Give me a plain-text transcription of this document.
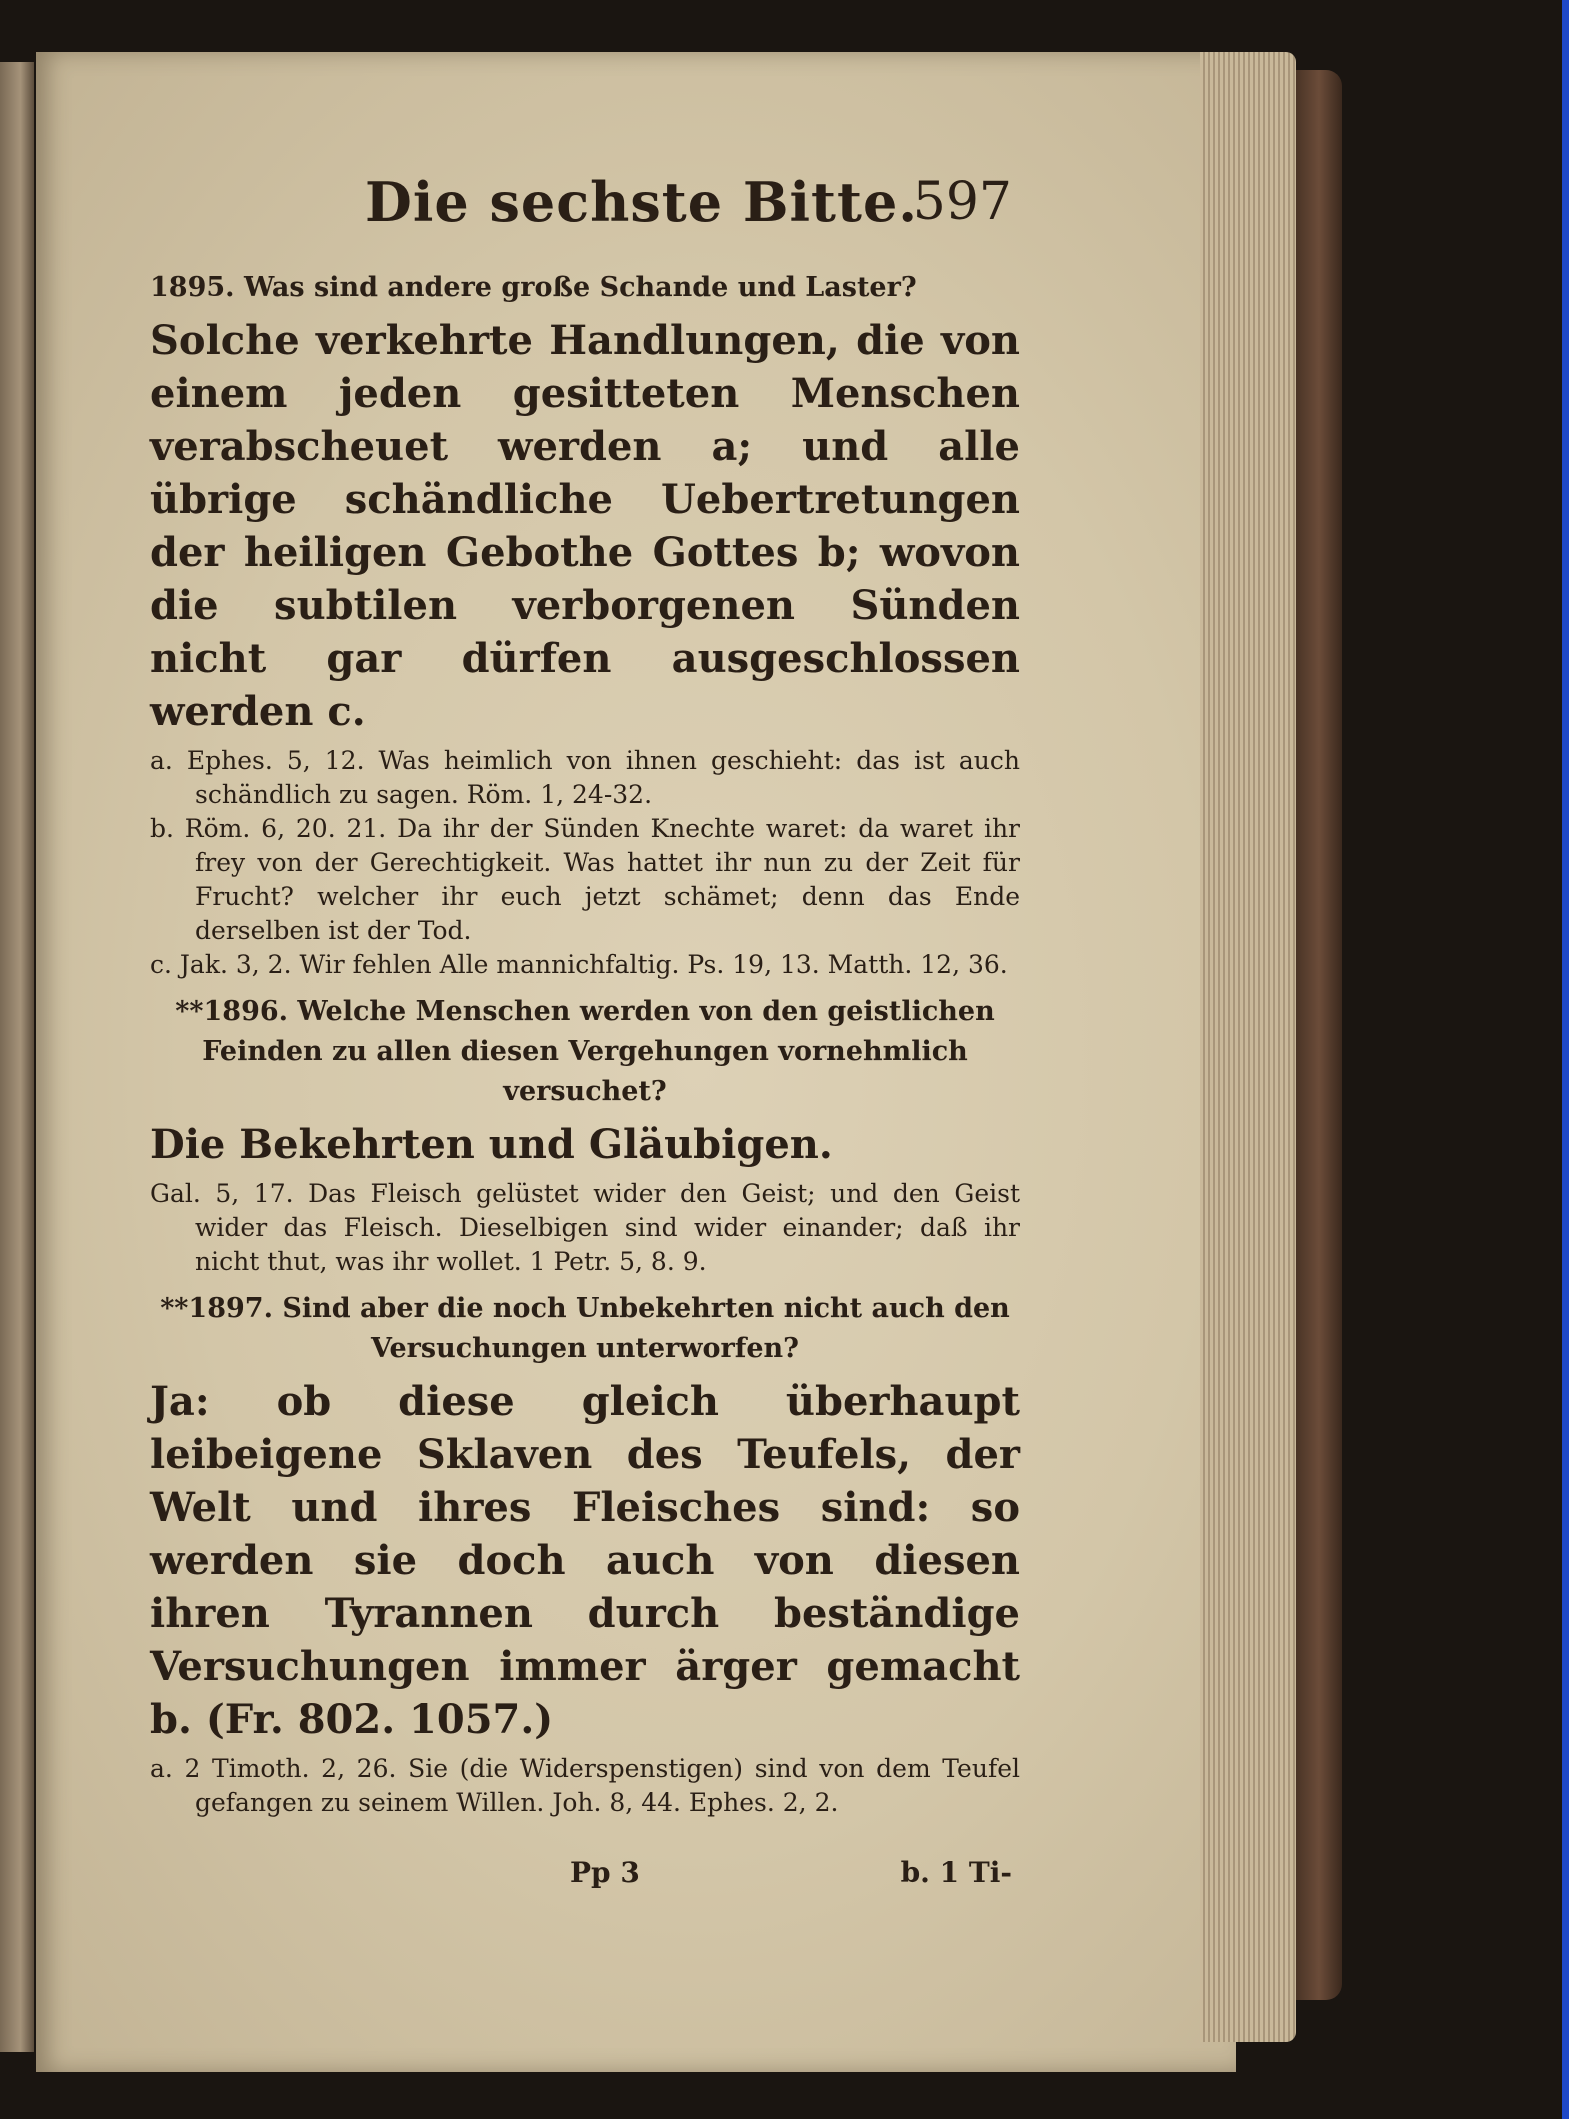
Die sechste Bitte.
597

1895. Was sind andere große Schande und Laster?

Solche verkehrte Handlungen, die von einem jeden gesitteten Menschen verabscheuet werden a; und alle übrige schändliche Uebertretungen der heiligen Gebothe Gottes b; wovon die subtilen verborgenen Sünden nicht gar dürfen ausgeschlossen werden c.

a. Ephes. 5, 12. Was heimlich von ihnen geschieht: das ist auch schändlich zu sagen. Röm. 1, 24-32.

b. Röm. 6, 20. 21. Da ihr der Sünden Knechte waret: da waret ihr frey von der Gerechtigkeit. Was hattet ihr nun zu der Zeit für Frucht? welcher ihr euch jetzt schämet; denn das Ende derselben ist der Tod.

c. Jak. 3, 2. Wir fehlen Alle mannichfaltig. Ps. 19, 13. Matth. 12, 36.

**1896. Welche Menschen werden von den geistlichen Feinden zu allen diesen Vergehungen vornehmlich versuchet?

Die Bekehrten und Gläubigen.

Gal. 5, 17. Das Fleisch gelüstet wider den Geist; und den Geist wider das Fleisch. Dieselbigen sind wider einander; daß ihr nicht thut, was ihr wollet. 1 Petr. 5, 8. 9.

**1897. Sind aber die noch Unbekehrten nicht auch den Versuchungen unterworfen?

Ja: ob diese gleich überhaupt leibeigene Sklaven des Teufels, der Welt und ihres Fleisches sind: so werden sie doch auch von diesen ihren Tyrannen durch beständige Versuchungen immer ärger gemacht b. (Fr. 802. 1057.)

a. 2 Timoth. 2, 26. Sie (die Widerspenstigen) sind von dem Teufel gefangen zu seinem Willen. Joh. 8, 44. Ephes. 2, 2.

Pp 3	b. 1 Ti-
